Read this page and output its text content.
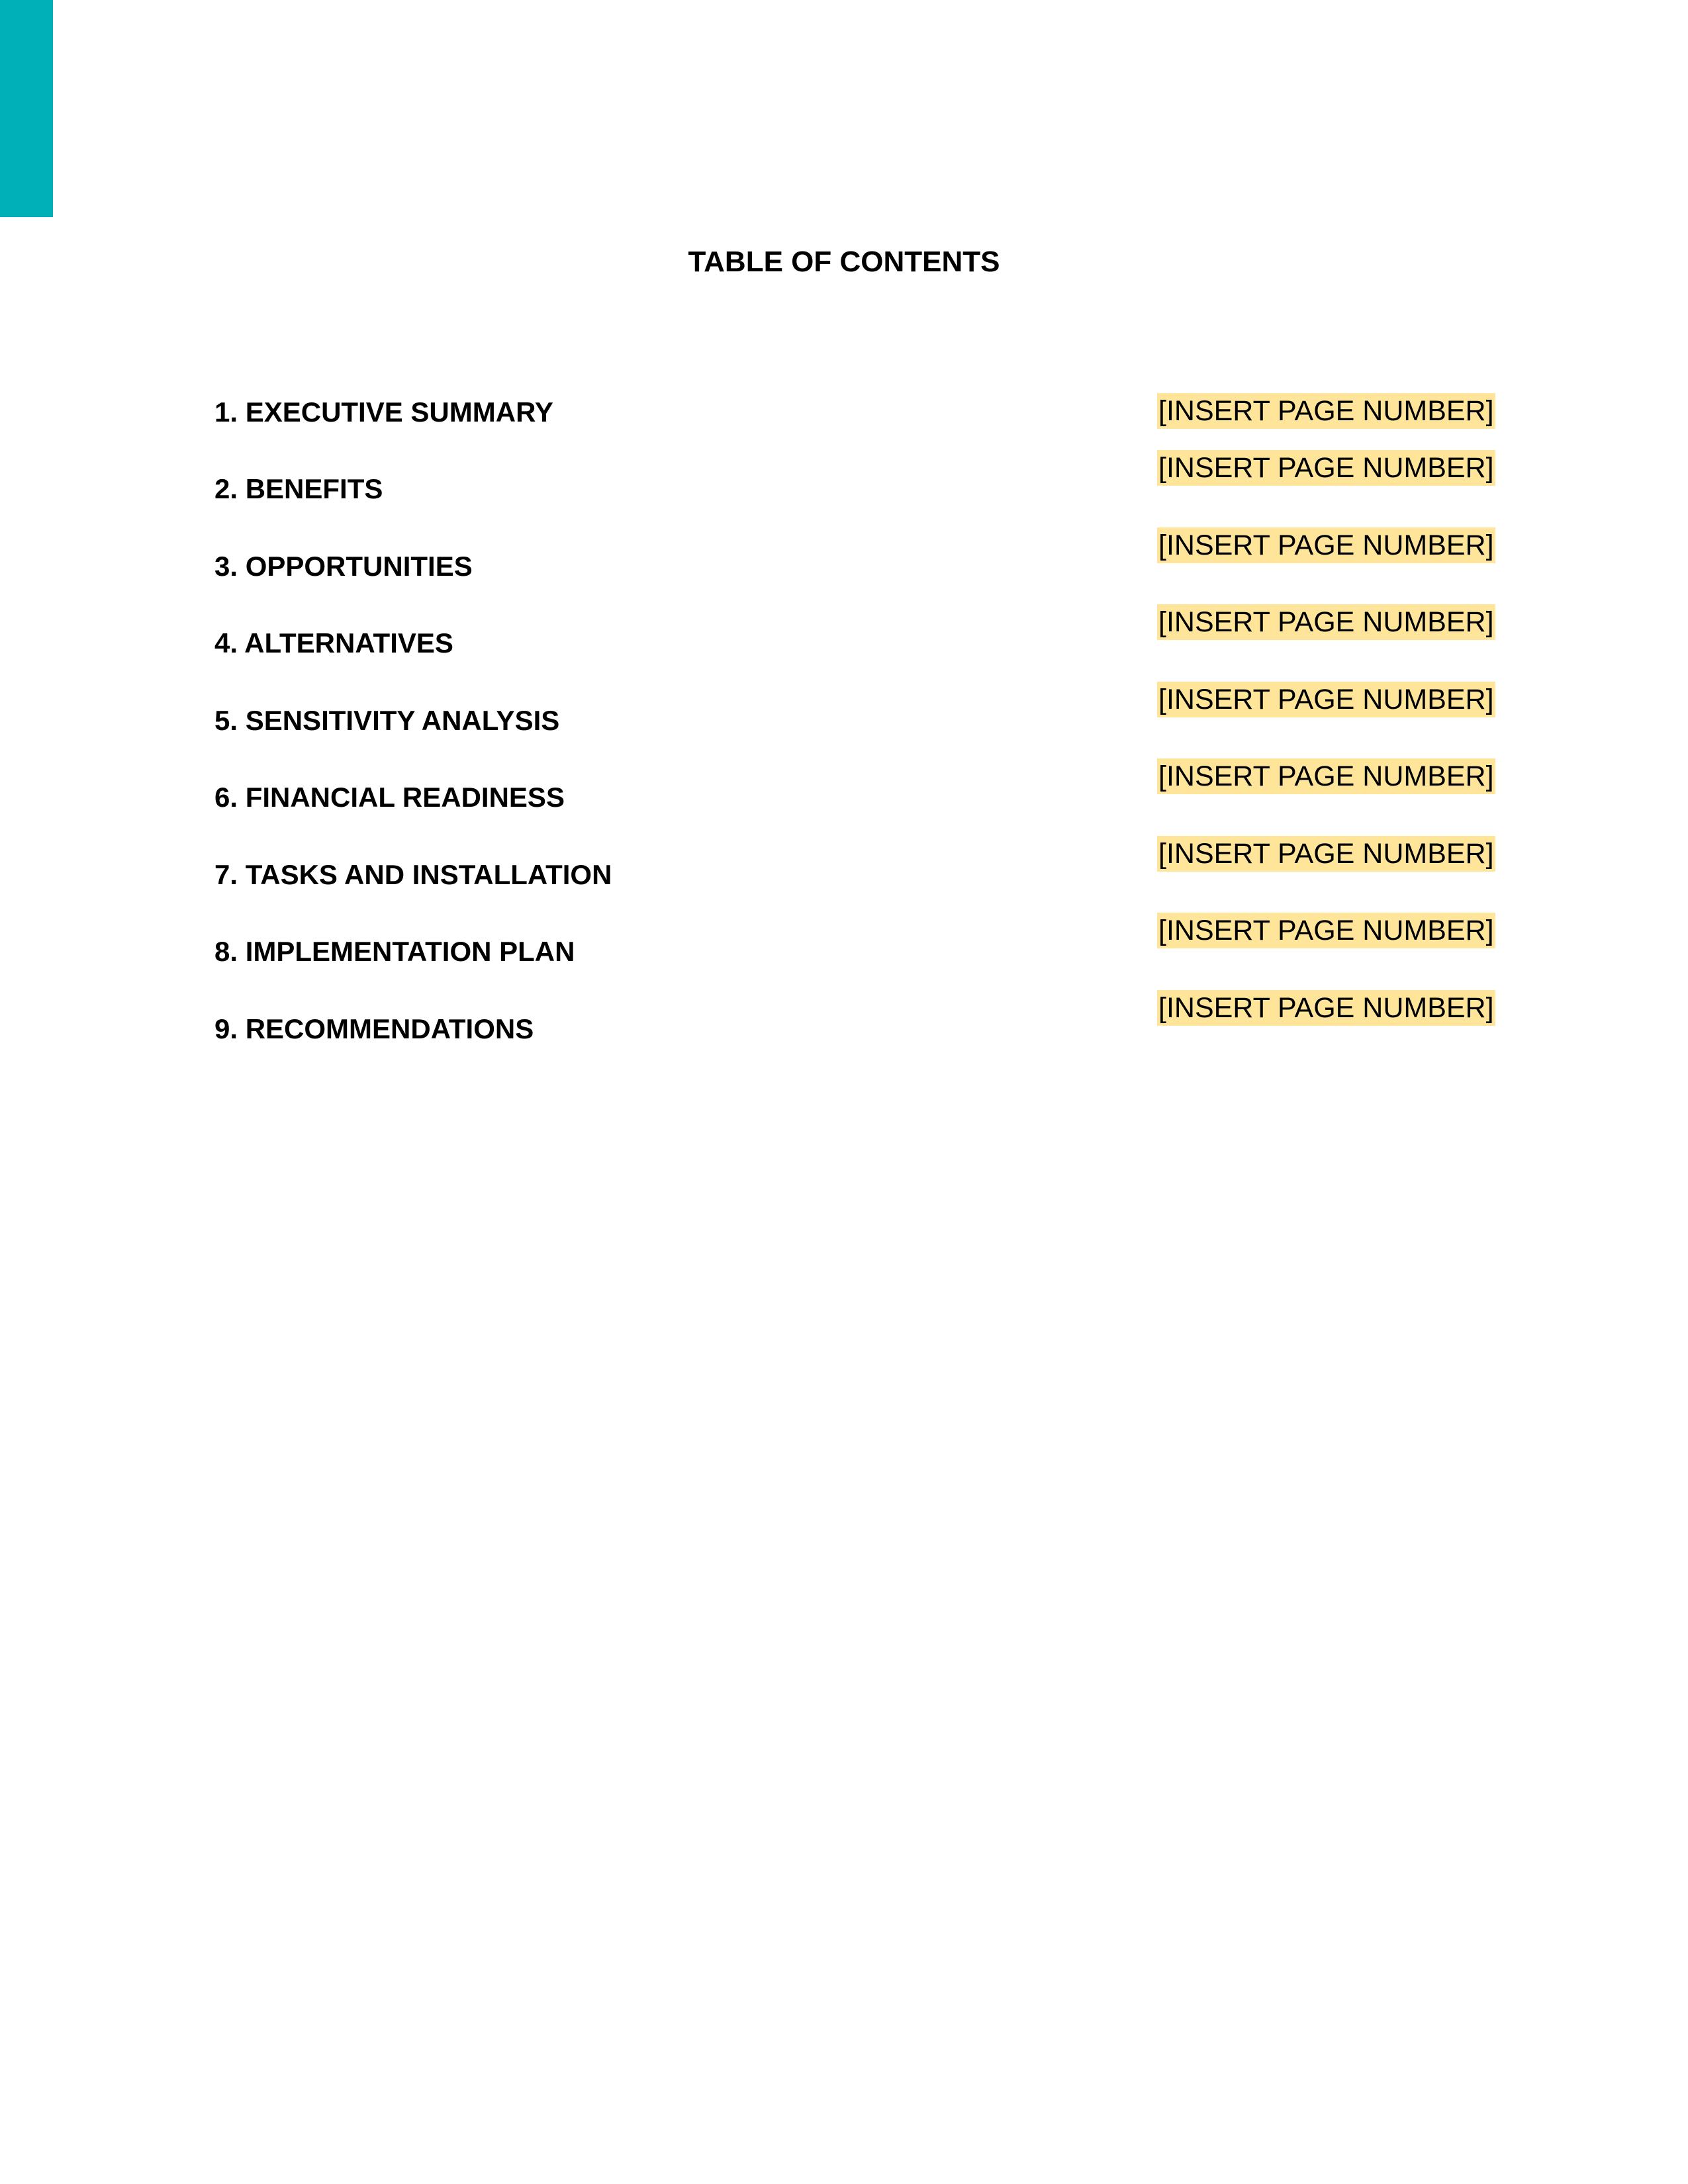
TABLE OF CONTENTS
1. EXECUTIVE SUMMARY
2. BENEFITS
3. OPPORTUNITIES
4. ALTERNATIVES
5. SENSITIVITY ANALYSIS
6. FINANCIAL READINESS
7. TASKS AND INSTALLATION
8. IMPLEMENTATION PLAN
9. RECOMMENDATIONS
[INSERT PAGE NUMBER]
[INSERT PAGE NUMBER]
[INSERT PAGE NUMBER]
[INSERT PAGE NUMBER]
[INSERT PAGE NUMBER]
[INSERT PAGE NUMBER]
[INSERT PAGE NUMBER]
[INSERT PAGE NUMBER]
[INSERT PAGE NUMBER]
